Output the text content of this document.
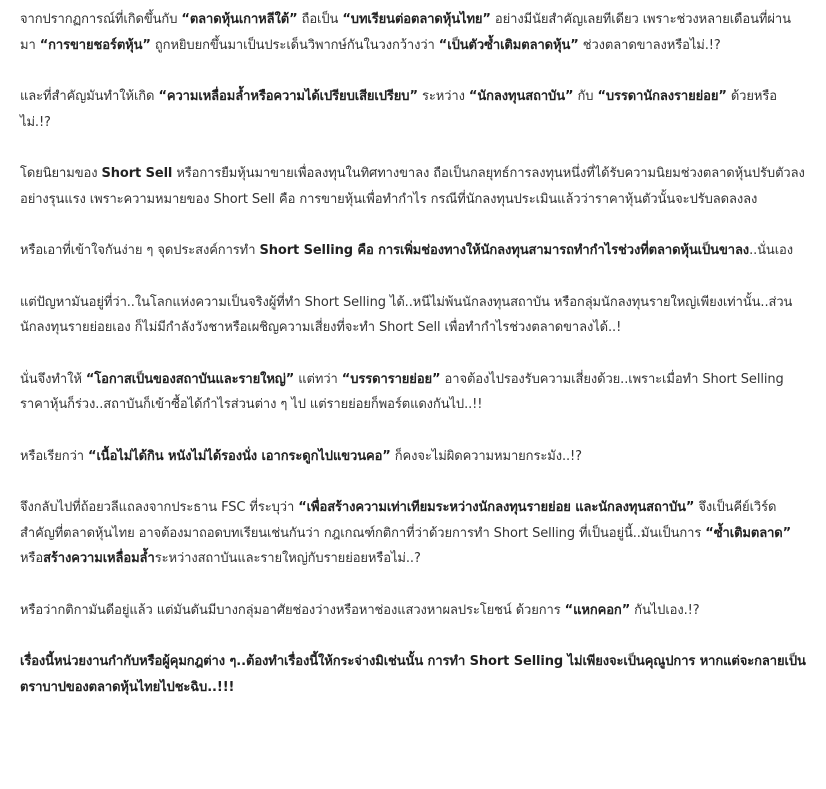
จากปรากฏการณ์ที่เกิดขึ้นกับ “ตลาดหุ้นเกาหลีใต้” ถือเป็น “บทเรียนต่อตลาดหุ้นไทย” อย่างมีนัยสำคัญเลยทีเดียว เพราะช่วงหลายเดือนที่ผ่านมา “การขายชอร์ตหุ้น” ถูกหยิบยกขึ้นมาเป็นประเด็นวิพากษ์กันในวงกว้างว่า “เป็นตัวซ้ำเติมตลาดหุ้น” ช่วงตลาดขาลงหรือไม่.!?

และที่สำคัญมันทำให้เกิด “ความเหลื่อมล้ำหรือความได้เปรียบเสียเปรียบ” ระหว่าง “นักลงทุนสถาบัน” กับ “บรรดานักลงรายย่อย” ด้วยหรือไม่.!?

โดยนิยามของ Short Sell หรือการยืมหุ้นมาขายเพื่อลงทุนในทิศทางขาลง ถือเป็นกลยุทธ์การลงทุนหนึ่งที่ได้รับความนิยมช่วงตลาดหุ้นปรับตัวลงอย่างรุนแรง เพราะความหมายของ Short Sell คือ การขายหุ้นเพื่อทำกำไร กรณีที่นักลงทุนประเมินแล้วว่าราคาหุ้นตัวนั้นจะปรับลดลงลง

หรือเอาที่เข้าใจกันง่าย ๆ จุดประสงค์การทำ Short Selling คือ การเพิ่มช่องทางให้นักลงทุนสามารถทำกำไรช่วงที่ตลาดหุ้นเป็นขาลง..นั่นเอง

แต่ปัญหามันอยู่ที่ว่า..ในโลกแห่งความเป็นจริงผู้ที่ทำ Short Selling ได้..หนีไม่พ้นนักลงทุนสถาบัน หรือกลุ่มนักลงทุนรายใหญ่เพียงเท่านั้น..ส่วนนักลงทุนรายย่อยเอง ก็ไม่มีกำลังวังชาหรือเผชิญความเสี่ยงที่จะทำ Short Sell เพื่อทำกำไรช่วงตลาดขาลงได้..!

นั่นจึงทำให้ “โอกาสเป็นของสถาบันและรายใหญ่” แต่ทว่า “บรรดารายย่อย” อาจต้องไปรองรับความเสี่ยงด้วย..เพราะเมื่อทำ Short Selling ราคาหุ้นก็ร่วง..สถาบันก็เข้าซื้อได้กำไรส่วนต่าง ๆ ไป แต่รายย่อยก็พอร์ตแดงกันไป..!!

หรือเรียกว่า “เนื้อไม่ได้กิน หนังไม่ได้รองนั่ง เอากระดูกไปแขวนคอ” ก็คงจะไม่ผิดความหมายกระมัง..!?

จึงกลับไปที่ถ้อยวลีแถลงจากประธาน FSC ที่ระบุว่า “เพื่อสร้างความเท่าเทียมระหว่างนักลงทุนรายย่อย และนักลงทุนสถาบัน” จึงเป็นคีย์เวิร์ดสำคัญที่ตลาดหุ้นไทย อาจต้องมาถอดบทเรียนเช่นกันว่า กฎเกณฑ์กติกาที่ว่าด้วยการทำ Short Selling ที่เป็นอยู่นี้..มันเป็นการ “ซ้ำเติมตลาด” หรือสร้างความเหลื่อมล้ำระหว่างสถาบันและรายใหญ่กับรายย่อยหรือไม่..?

หรือว่ากติกามันดีอยู่แล้ว แต่มันดันมีบางกลุ่มอาศัยช่องว่างหรือหาช่องแสวงหาผลประโยชน์ ด้วยการ “แหกคอก” กันไปเอง.!?

เรื่องนี้หน่วยงานกำกับหรือผู้คุมกฎต่าง ๆ..ต้องทำเรื่องนี้ให้กระจ่างมิเช่นนั้น การทำ Short Selling ไม่เพียงจะเป็นคุณูปการ หากแต่จะกลายเป็นตราบาปของตลาดหุ้นไทยไปชะฉิบ..!!!
